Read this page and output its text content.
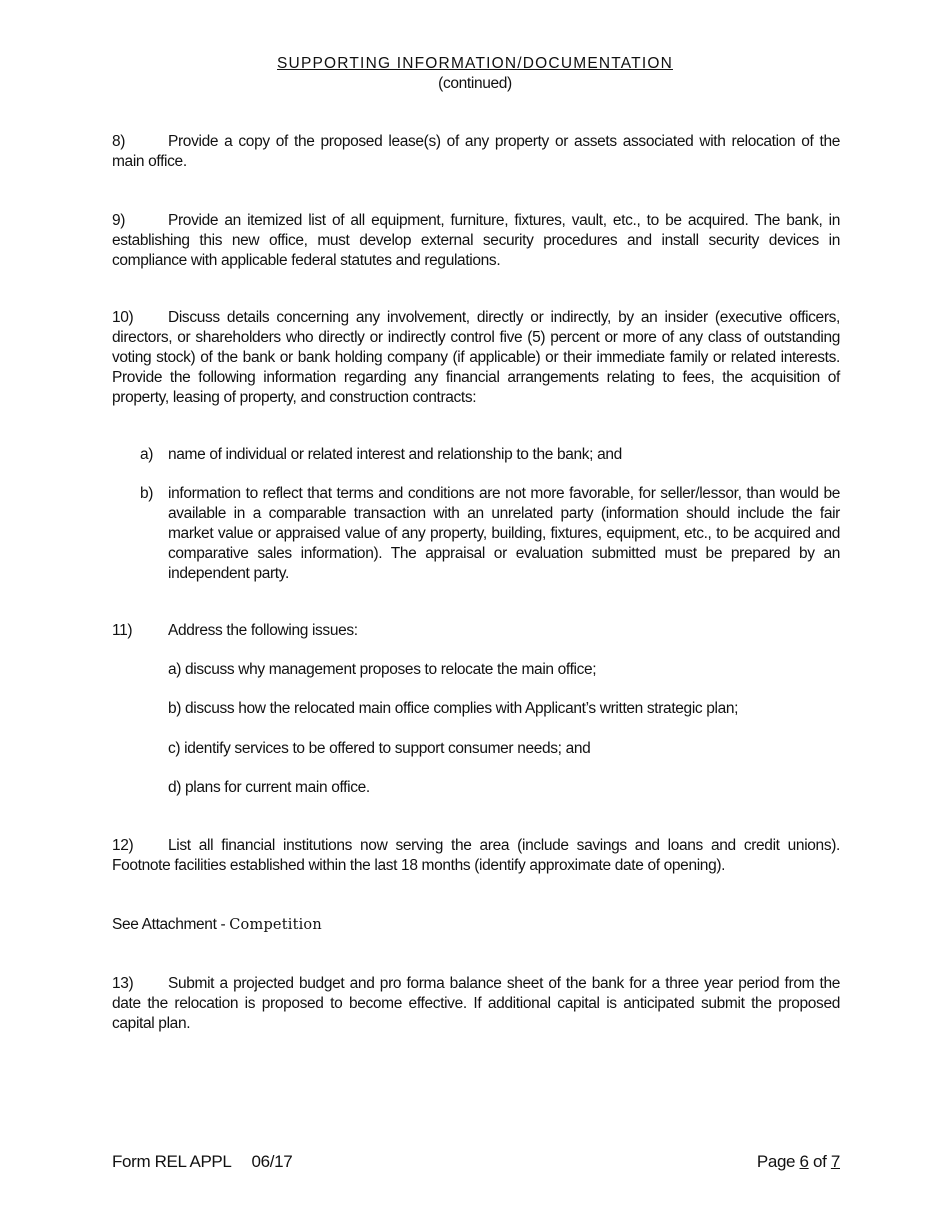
SUPPORTING INFORMATION/DOCUMENTATION
(continued)
8)	Provide a copy of the proposed lease(s) of any property or assets associated with relocation of the main office.
9)	Provide an itemized list of all equipment, furniture, fixtures, vault, etc., to be acquired. The bank, in establishing this new office, must develop external security procedures and install security devices in compliance with applicable federal statutes and regulations.
10) Discuss details concerning any involvement, directly or indirectly, by an insider (executive officers, directors, or shareholders who directly or indirectly control five (5) percent or more of any class of outstanding voting stock) of the bank or bank holding company (if applicable) or their immediate family or related interests. Provide the following information regarding any financial arrangements relating to fees, the acquisition of property, leasing of property, and construction contracts:
a) name of individual or related interest and relationship to the bank; and
b) information to reflect that terms and conditions are not more favorable, for seller/lessor, than would be available in a comparable transaction with an unrelated party (information should include the fair market value or appraised value of any property, building, fixtures, equipment, etc., to be acquired and comparative sales information). The appraisal or evaluation submitted must be prepared by an independent party.
11) Address the following issues:
a) discuss why management proposes to relocate the main office;
b) discuss how the relocated main office complies with Applicant’s written strategic plan;
c) identify services to be offered to support consumer needs; and
d) plans for current main office.
12) List all financial institutions now serving the area (include savings and loans and credit unions). Footnote facilities established within the last 18 months (identify approximate date of opening).
See Attachment - Competition
13) Submit a projected budget and pro forma balance sheet of the bank for a three year period from the date the relocation is proposed to become effective. If additional capital is anticipated submit the proposed capital plan.
Form REL APPL 06/17	Page 6 of 7
